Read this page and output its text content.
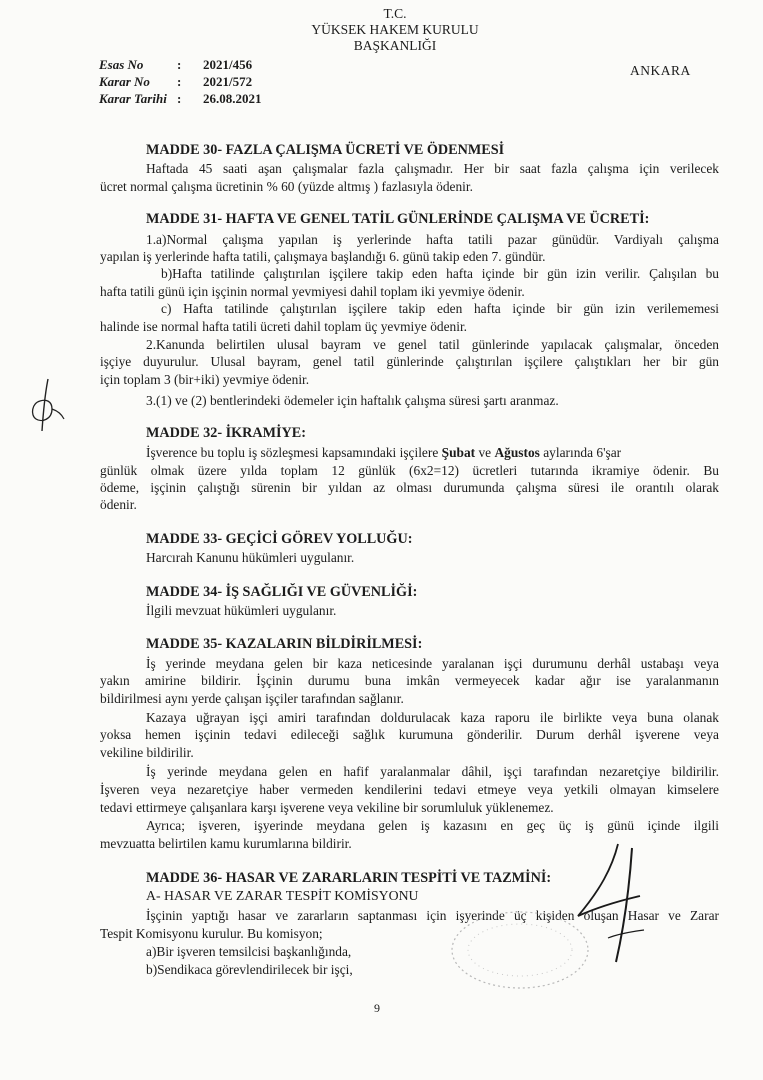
T.C.
YÜKSEK HAKEM KURULU
BAŞKANLIĞI
Esas No	:	2021/456
Karar No	:	2021/572
Karar Tarihi :	26.08.2021
ANKARA
MADDE 30- FAZLA ÇALIŞMA ÜCRETİ VE ÖDENMESİ
Haftada 45 saati aşan çalışmalar fazla çalışmadır. Her bir saat fazla çalışma için verilecek
ücret normal çalışma ücretinin % 60 (yüzde altmış ) fazlasıyla ödenir.
MADDE 31- HAFTA VE GENEL TATİL GÜNLERİNDE ÇALIŞMA VE ÜCRETİ:
1.a)Normal çalışma yapılan iş yerlerinde hafta tatili pazar günüdür. Vardiyalı çalışma
yapılan iş yerlerinde hafta tatili, çalışmaya başlandığı 6. günü takip eden 7. gündür.
b)Hafta tatilinde çalıştırılan işçilere takip eden hafta içinde bir gün izin verilir. Çalışılan bu
hafta tatili günü için işçinin normal yevmiyesi dahil toplam iki yevmiye ödenir.
c) Hafta tatilinde çalıştırılan işçilere takip eden hafta içinde bir gün izin verilememesi
halinde ise normal hafta tatili ücreti dahil toplam üç yevmiye ödenir.
2.Kanunda belirtilen ulusal bayram ve genel tatil günlerinde yapılacak çalışmalar, önceden
işçiye duyurulur. Ulusal bayram, genel tatil günlerinde çalıştırılan işçilere çalıştıkları her bir gün
için toplam 3 (bir+iki) yevmiye ödenir.
3.(1) ve (2) bentlerindeki ödemeler için haftalık çalışma süresi şartı aranmaz.
MADDE 32- İKRAMİYE:
İşverence bu toplu iş sözleşmesi kapsamındaki işçilere Şubat ve Ağustos aylarında 6'şar
günlük olmak üzere yılda toplam 12 günlük (6x2=12) ücretleri tutarında ikramiye ödenir. Bu
ödeme, işçinin çalıştığı sürenin bir yıldan az olması durumunda çalışma süresi ile orantılı olarak
ödenir.
MADDE 33- GEÇİCİ GÖREV YOLLUĞU:
Harcırah Kanunu hükümleri uygulanır.
MADDE 34- İŞ SAĞLIĞI VE GÜVENLİĞİ:
İlgili mevzuat hükümleri uygulanır.
MADDE 35- KAZALARIN BİLDİRİLMESİ:
İş yerinde meydana gelen bir kaza neticesinde yaralanan işçi durumunu derhâl ustabaşı veya
yakın amirine bildirir. İşçinin durumu buna imkân vermeyecek kadar ağır ise yaralanmanın
bildirilmesi aynı yerde çalışan işçiler tarafından sağlanır.
Kazaya uğrayan işçi amiri tarafından doldurulacak kaza raporu ile birlikte veya buna olanak
yoksa hemen işçinin tedavi edileceği sağlık kurumuna gönderilir. Durum derhâl işverene veya
vekiline bildirilir.
İş yerinde meydana gelen en hafif yaralanmalar dâhil, işçi tarafından nezaretçiye bildirilir.
İşveren veya nezaretçiye haber vermeden kendilerini tedavi etmeye veya yetkili olmayan kimselere
tedavi ettirmeye çalışanlara karşı işverene veya vekiline bir sorumluluk yüklenemez.
Ayrıca; işveren, işyerinde meydana gelen iş kazasını en geç üç iş günü içinde ilgili
mevzuatta belirtilen kamu kurumlarına bildirir.
MADDE 36- HASAR VE ZARARLARIN TESPİTİ VE TAZMİNİ:
A- HASAR VE ZARAR TESPİT KOMİSYONU
İşçinin yaptığı hasar ve zararların saptanması için işyerinde üç kişiden oluşan Hasar ve Zarar
Tespit Komisyonu kurulur. Bu komisyon;
a)Bir işveren temsilcisi başkanlığında,
b)Sendikaca görevlendirilecek bir işçi,
9
